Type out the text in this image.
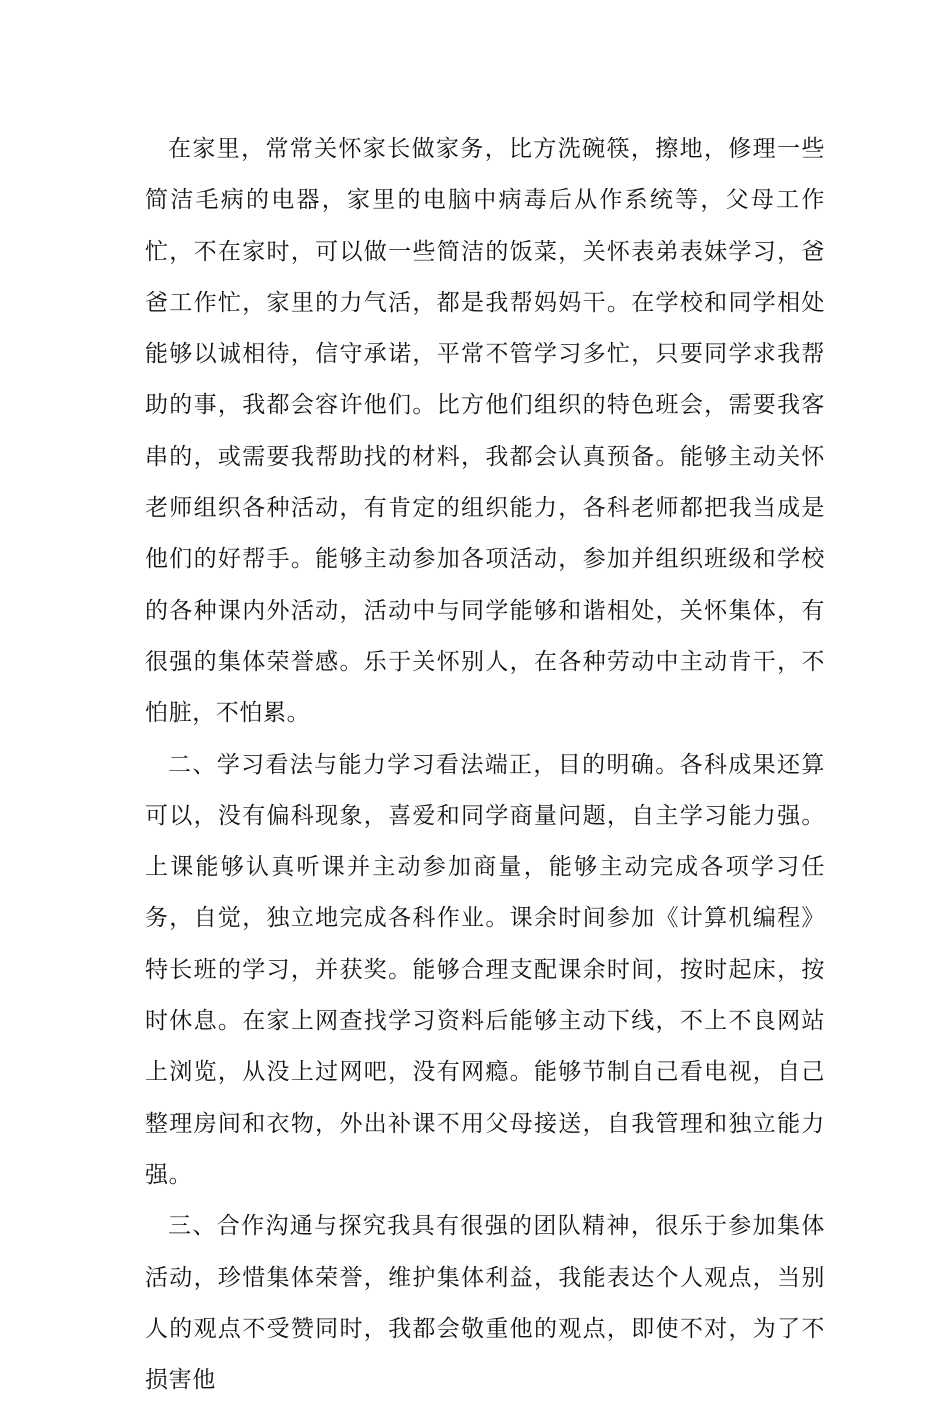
在家里，常常关怀家长做家务，比方洗碗筷，擦地，修理一些简洁毛病的电器，家里的电脑中病毒后从作系统等，父母工作忙，不在家时，可以做一些简洁的饭菜，关怀表弟表妹学习，爸爸工作忙，家里的力气活，都是我帮妈妈干。在学校和同学相处能够以诚相待，信守承诺，平常不管学习多忙，只要同学求我帮助的事，我都会容许他们。比方他们组织的特色班会，需要我客串的，或需要我帮助找的材料，我都会认真预备。能够主动关怀老师组织各种活动，有肯定的组织能力，各科老师都把我当成是他们的好帮手。能够主动参加各项活动，参加并组织班级和学校的各种课内外活动，活动中与同学能够和谐相处，关怀集体，有很强的集体荣誉感。乐于关怀别人，在各种劳动中主动肯干，不怕脏，不怕累。

二、学习看法与能力学习看法端正，目的明确。各科成果还算可以，没有偏科现象，喜爱和同学商量问题，自主学习能力强。上课能够认真听课并主动参加商量，能够主动完成各项学习任务，自觉，独立地完成各科作业。课余时间参加《计算机编程》特长班的学习，并获奖。能够合理支配课余时间，按时起床，按时休息。在家上网查找学习资料后能够主动下线，不上不良网站上浏览，从没上过网吧，没有网瘾。能够节制自己看电视，自己整理房间和衣物，外出补课不用父母接送，自我管理和独立能力强。

三、合作沟通与探究我具有很强的团队精神，很乐于参加集体活动，珍惜集体荣誉，维护集体利益，我能表达个人观点，当别人的观点不受赞同时，我都会敬重他的观点，即使不对，为了不损害他
